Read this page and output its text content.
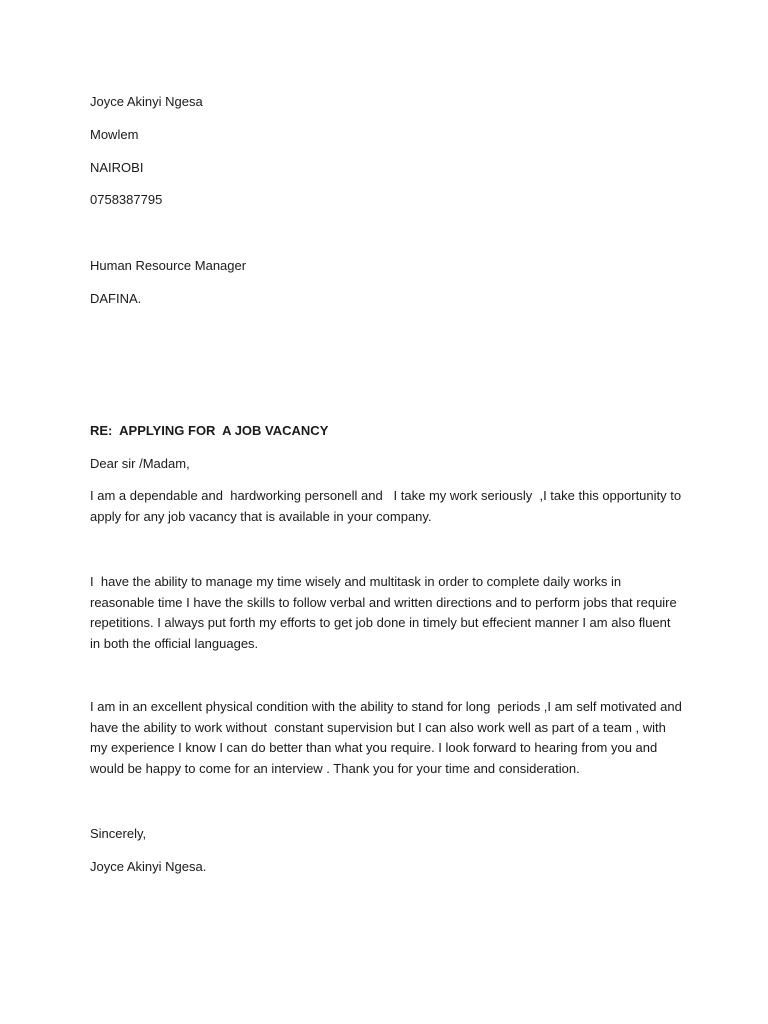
Joyce Akinyi Ngesa

Mowlem

NAIROBI

0758387795

Human Resource Manager

DAFINA.

RE:  APPLYING FOR  A JOB VACANCY

Dear sir /Madam,

I am a dependable and  hardworking personell and   I take my work seriously  ,I take this opportunity to
apply for any job vacancy that is available in your company.
I  have the ability to manage my time wisely and multitask in order to complete daily works in
reasonable time I have the skills to follow verbal and written directions and to perform jobs that require
repetitions. I always put forth my efforts to get job done in timely but effecient manner I am also fluent
in both the official languages.
I am in an excellent physical condition with the ability to stand for long  periods ,I am self motivated and
have the ability to work without  constant supervision but I can also work well as part of a team , with
my experience I know I can do better than what you require. I look forward to hearing from you and
would be happy to come for an interview . Thank you for your time and consideration.

Sincerely,

Joyce Akinyi Ngesa.
